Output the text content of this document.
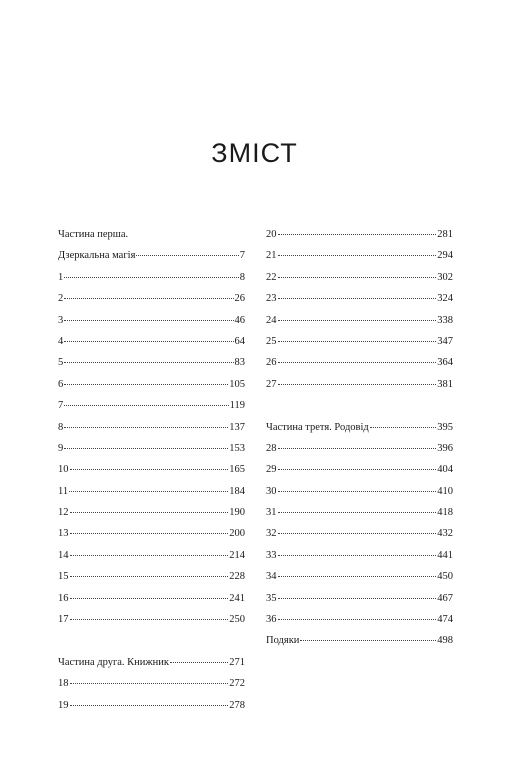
ЗМІСТ
Частина перша.
Дзеркальна магія	7
1	8
2	26
3	46
4	64
5	83
6	105
7	119
8	137
9	153
10	165
11	184
12	190
13	200
14	214
15	228
16	241
17	250
Частина друга. Книжник	271
18	272
19	278
20	281
21	294
22	302
23	324
24	338
25	347
26	364
27	381
Частина третя. Родовід	395
28	396
29	404
30	410
31	418
32	432
33	441
34	450
35	467
36	474
Подяки	498
